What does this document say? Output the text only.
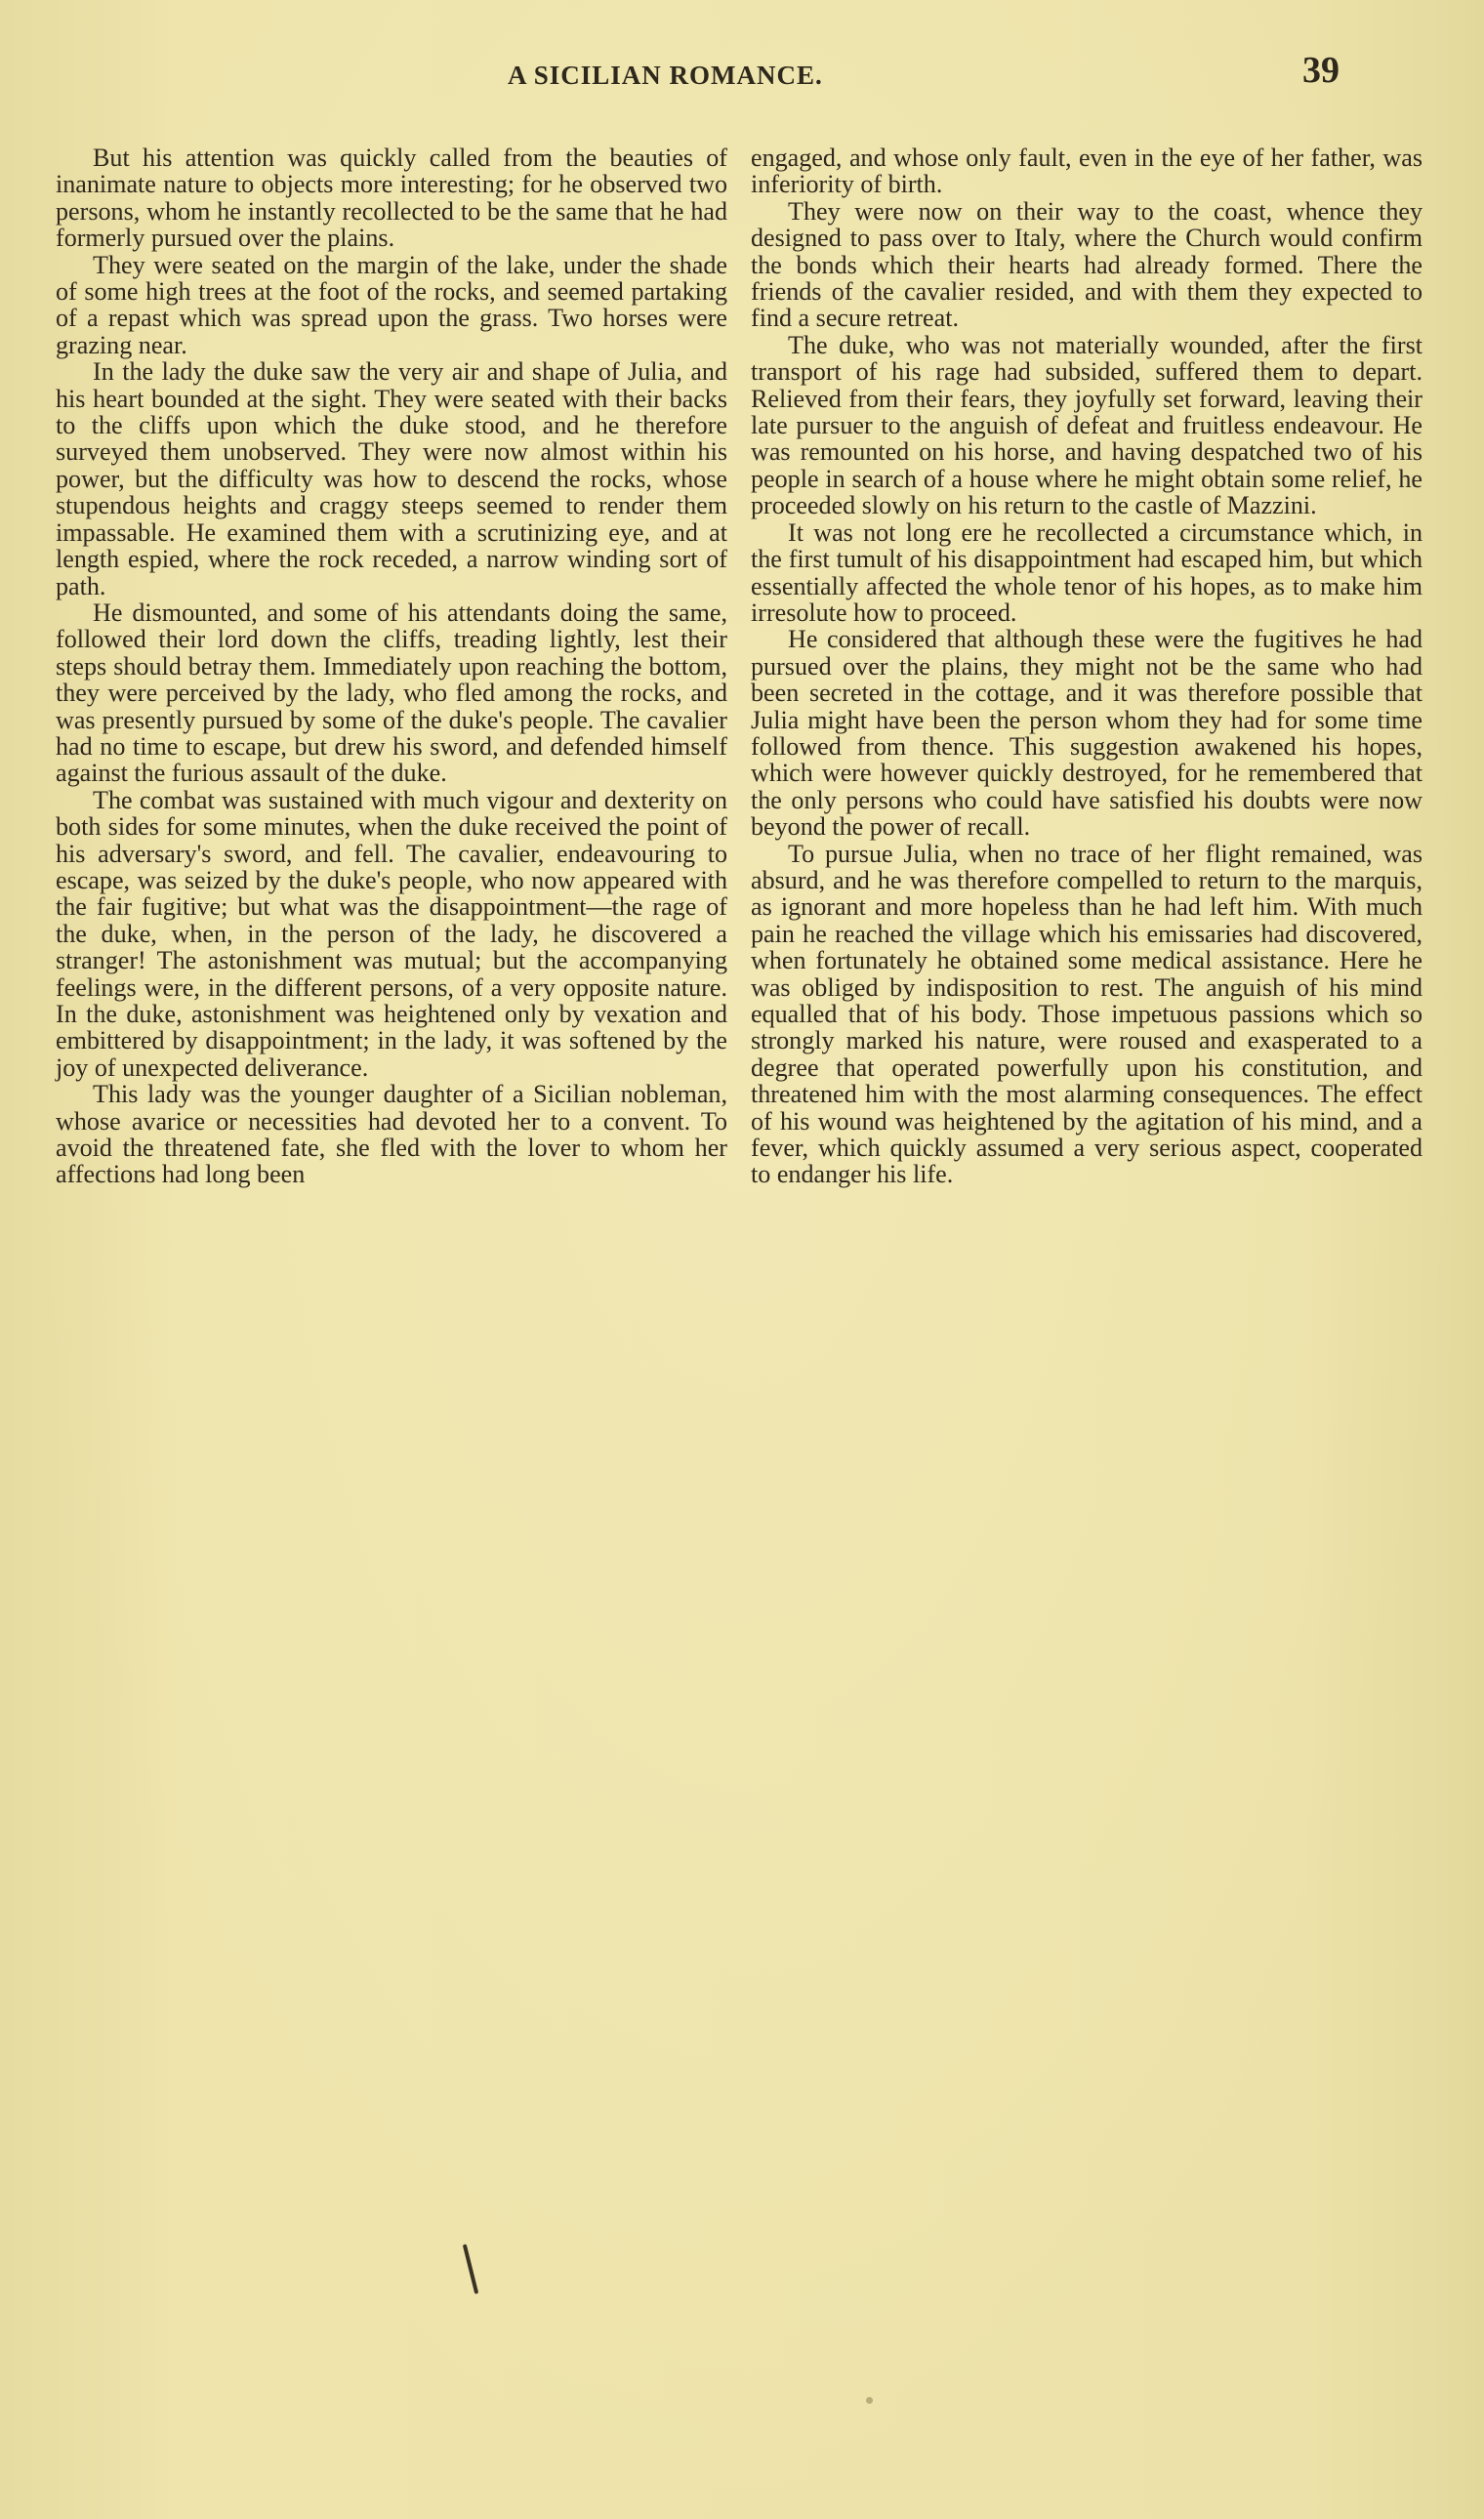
A SICILIAN ROMANCE.	39

But his attention was quickly called from the beauties of inanimate nature to objects more interesting; for he observed two persons, whom he instantly recollected to be the same that he had formerly pursued over the plains.

They were seated on the margin of the lake, under the shade of some high trees at the foot of the rocks, and seemed partaking of a repast which was spread upon the grass. Two horses were grazing near.

In the lady the duke saw the very air and shape of Julia, and his heart bounded at the sight. They were seated with their backs to the cliffs upon which the duke stood, and he therefore surveyed them unobserved. They were now almost within his power, but the difficulty was how to descend the rocks, whose stupendous heights and craggy steeps seemed to render them impassable. He examined them with a scrutinizing eye, and at length espied, where the rock receded, a narrow winding sort of path.

He dismounted, and some of his attendants doing the same, followed their lord down the cliffs, treading lightly, lest their steps should betray them. Immediately upon reaching the bottom, they were perceived by the lady, who fled among the rocks, and was presently pursued by some of the duke's people. The cavalier had no time to escape, but drew his sword, and defended himself against the furious assault of the duke.

The combat was sustained with much vigour and dexterity on both sides for some minutes, when the duke received the point of his adversary's sword, and fell. The cavalier, endeavouring to escape, was seized by the duke's people, who now appeared with the fair fugitive; but what was the disappointment—the rage of the duke, when, in the person of the lady, he discovered a stranger! The astonishment was mutual; but the accompanying feelings were, in the different persons, of a very opposite nature. In the duke, astonishment was heightened only by vexation and embittered by disappointment; in the lady, it was softened by the joy of unexpected deliverance.

This lady was the younger daughter of a Sicilian nobleman, whose avarice or necessities had devoted her to a convent. To avoid the threatened fate, she fled with the lover to whom her affections had long been

engaged, and whose only fault, even in the eye of her father, was inferiority of birth.

They were now on their way to the coast, whence they designed to pass over to Italy, where the Church would confirm the bonds which their hearts had already formed. There the friends of the cavalier resided, and with them they expected to find a secure retreat.

The duke, who was not materially wounded, after the first transport of his rage had subsided, suffered them to depart. Relieved from their fears, they joyfully set forward, leaving their late pursuer to the anguish of defeat and fruitless endeavour. He was remounted on his horse, and having despatched two of his people in search of a house where he might obtain some relief, he proceeded slowly on his return to the castle of Mazzini.

It was not long ere he recollected a circumstance which, in the first tumult of his disappointment had escaped him, but which essentially affected the whole tenor of his hopes, as to make him irresolute how to proceed.

He considered that although these were the fugitives he had pursued over the plains, they might not be the same who had been secreted in the cottage, and it was therefore possible that Julia might have been the person whom they had for some time followed from thence. This suggestion awakened his hopes, which were however quickly destroyed, for he remembered that the only persons who could have satisfied his doubts were now beyond the power of recall.

To pursue Julia, when no trace of her flight remained, was absurd, and he was therefore compelled to return to the marquis, as ignorant and more hopeless than he had left him. With much pain he reached the village which his emissaries had discovered, when fortunately he obtained some medical assistance. Here he was obliged by indisposition to rest. The anguish of his mind equalled that of his body. Those impetuous passions which so strongly marked his nature, were roused and exasperated to a degree that operated powerfully upon his constitution, and threatened him with the most alarming consequences. The effect of his wound was heightened by the agitation of his mind, and a fever, which quickly assumed a very serious aspect, cooperated to endanger his life.
